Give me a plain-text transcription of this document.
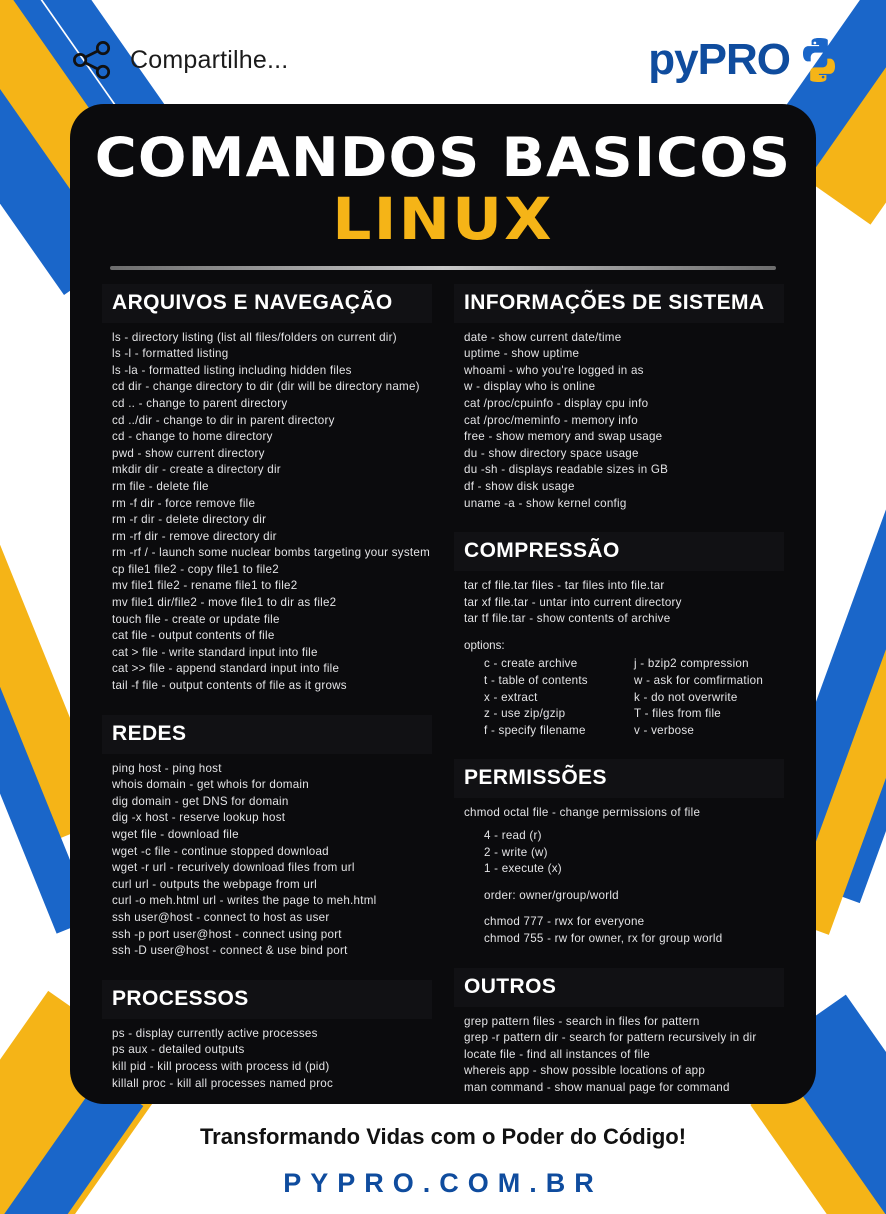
Compartilhe...	pyPRO
COMANDOS BASICOS
LINUX
ARQUIVOS E NAVEGAÇÃO
ls - directory listing (list all files/folders on current dir)
ls -l - formatted listing
ls -la - formatted listing including hidden files
cd dir - change directory to dir (dir will be directory name)
cd .. - change to parent directory
cd ../dir - change to dir in parent directory
cd - change to home directory
pwd - show current directory
mkdir dir - create a directory dir
rm file - delete file
rm -f dir - force remove file
rm -r dir - delete directory dir
rm -rf dir - remove directory dir
rm -rf / - launch some nuclear bombs targeting your system
cp file1 file2 - copy file1 to file2
mv file1 file2 - rename file1 to file2
mv file1 dir/file2 - move file1 to dir as file2
touch file - create or update file
cat file - output contents of file
cat > file - write standard input into file
cat >> file - append standard input into file
tail -f file - output contents of file as it grows
REDES
ping host - ping host
whois domain - get whois for domain
dig domain - get DNS for domain
dig -x host - reserve lookup host
wget file - download file
wget -c file - continue stopped download
wget -r url - recurively download files from url
curl url - outputs the webpage from url
curl -o meh.html url - writes the page to meh.html
ssh user@host - connect to host as user
ssh -p port user@host - connect using port
ssh -D user@host - connect & use bind port
PROCESSOS
ps - display currently active processes
ps aux - detailed outputs
kill pid - kill process with process id (pid)
killall proc - kill all processes named proc
INFORMAÇÕES DE SISTEMA
date - show current date/time
uptime - show uptime
whoami - who you're logged in as
w - display who is online
cat /proc/cpuinfo - display cpu info
cat /proc/meminfo - memory info
free - show memory and swap usage
du - show directory space usage
du -sh - displays readable sizes in GB
df - show disk usage
uname -a - show kernel config
COMPRESSÃO
tar cf file.tar files - tar files into file.tar
tar xf file.tar - untar into current directory
tar tf file.tar - show contents of archive
options:
c - create archive
t - table of contents
x - extract
z - use zip/gzip
f - specify filename
j - bzip2 compression
w - ask for comfirmation
k - do not overwrite
T - files from file
v - verbose
PERMISSÕES
chmod octal file - change permissions of file
4 - read (r)
2 - write (w)
1 - execute (x)
order: owner/group/world
chmod 777 - rwx for everyone
chmod 755 - rw for owner, rx for group world
OUTROS
grep pattern files - search in files for pattern
grep -r pattern dir - search for pattern recursively in dir
locate file - find all instances of file
whereis app - show possible locations of app
man command - show manual page for command
Transformando Vidas com o Poder do Código!
PYPRO.COM.BR
